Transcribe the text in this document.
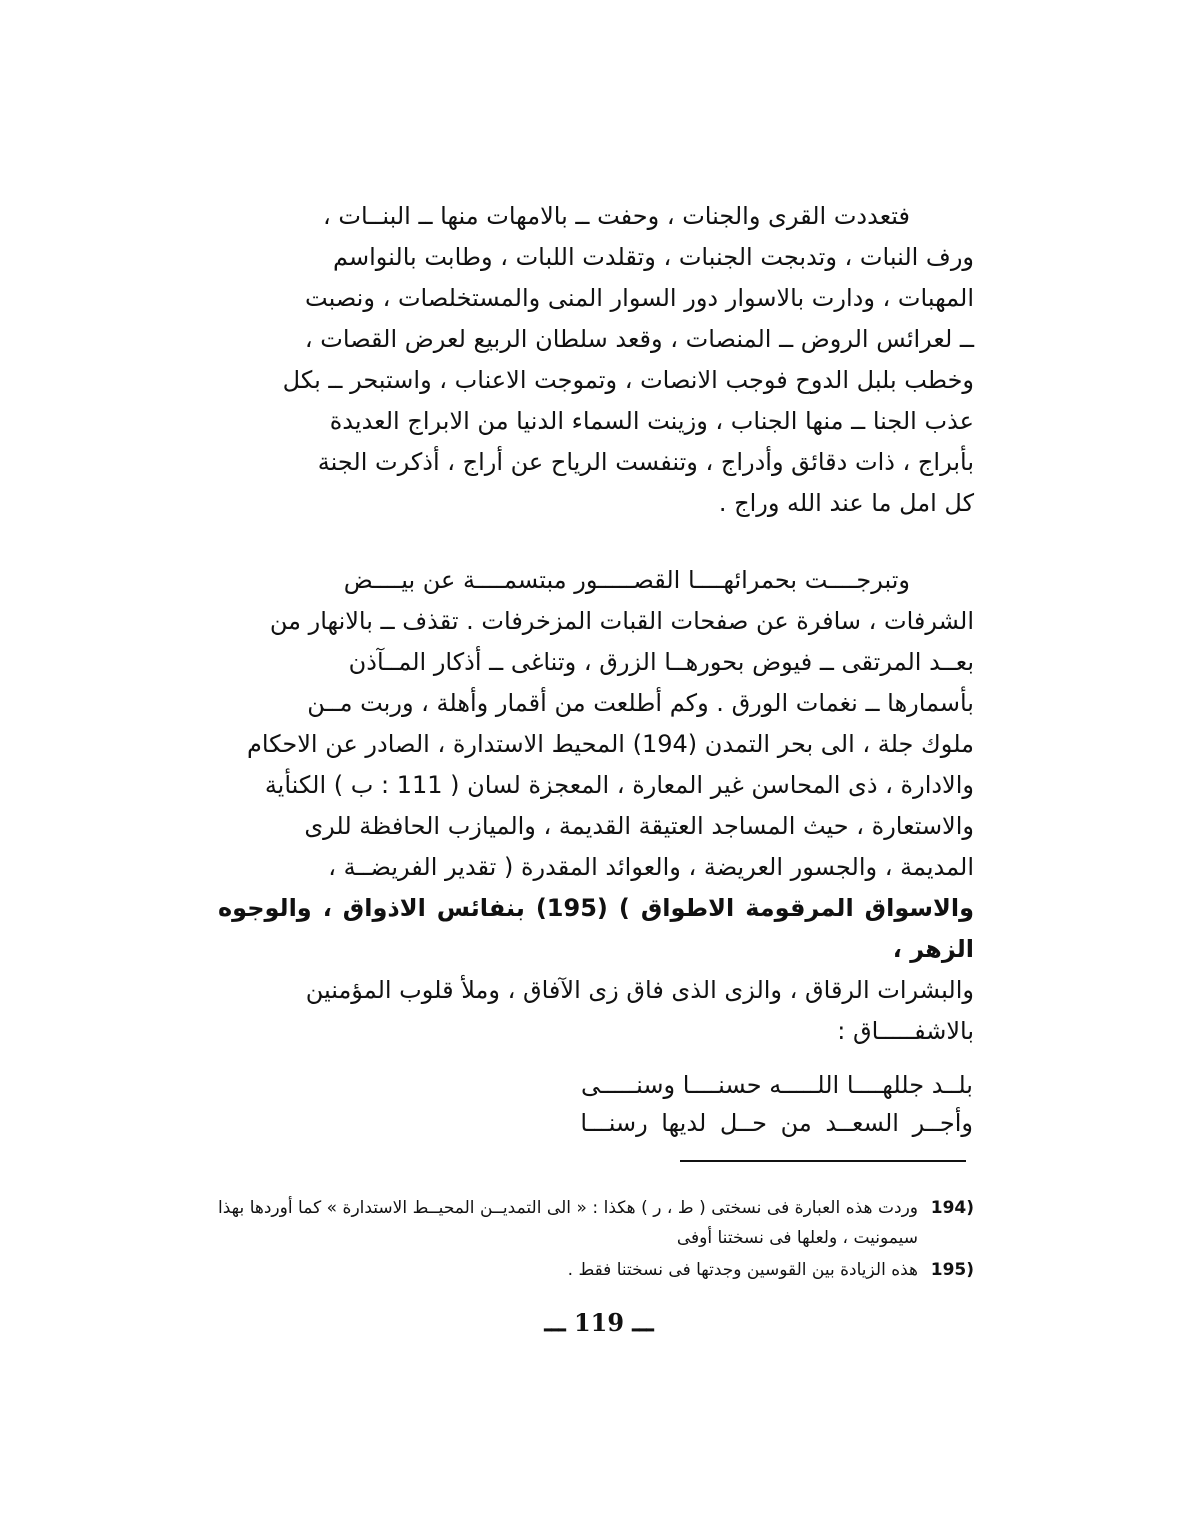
فتعددت القرى والجنات ، وحفت ــ بالامهات منها ــ البنــات ،
ورف النبات ، وتدبجت الجنبات ، وتقلدت اللبات ، وطابت بالنواسم
المهبات ، ودارت بالاسوار دور السوار المنى والمستخلصات ، ونصبت
ــ لعرائس الروض ــ المنصات ، وقعد سلطان الربيع لعرض القصات ،
وخطب بلبل الدوح فوجب الانصات ، وتموجت الاعناب ، واستبحر ــ بكل
عذب الجنا ــ منها الجناب ، وزينت السماء الدنيا من الابراج العديدة
بأبراج ، ذات دقائق وأدراج ، وتنفست الرياح عن أراج ، أذكرت الجنة
كل امل ما عند الله وراج .

وتبرجــــت بحمرائهــــا القصـــــور مبتسمــــة عن بيــــض
الشرفات ، سافرة عن صفحات القبات المزخرفات . تقذف ــ بالانهار من
بعــد المرتقى ــ فيوض بحورهــا الزرق ، وتناغى ــ أذكار المــآذن
بأسمارها ــ نغمات الورق . وكم أطلعت من أقمار وأهلة ، وربت مــن
ملوك جلة ، الى بحر التمدن (194) المحيط الاستدارة ، الصادر عن الاحكام
والادارة ، ذى المحاسن غير المعارة ، المعجزة لسان ( 111 : ب ) الكنأية
والاستعارة ، حيث المساجد العتيقة القديمة ، والميازب الحافظة للرى
المديمة ، والجسور العريضة ، والعوائد المقدرة ( تقدير الفريضــة ،
والاسواق المرقومة الاطواق ) (195) بنفائس الاذواق ، والوجوه الزهر ،
والبشرات الرقاق ، والزى الذى فاق زى الآفاق ، وملأ قلوب المؤمنين
بالاشفـــــاق :

بلــد جللهــــا اللـــــه حسنــــا وسنـــــى
وأجــر السعــد من حــل لديها رسنـــا
194)
وردت هذه العبارة فى نسختى ( ط ، ر ) هكذا : « الى التمديــن المحيــط الاستدارة » كما أوردها بهذا سيمونيت ، ولعلها فى نسختنا أوفى
195)
هذه الزيادة بين القوسين وجدتها فى نسختنا فقط .
ـــ 119 ـــ
